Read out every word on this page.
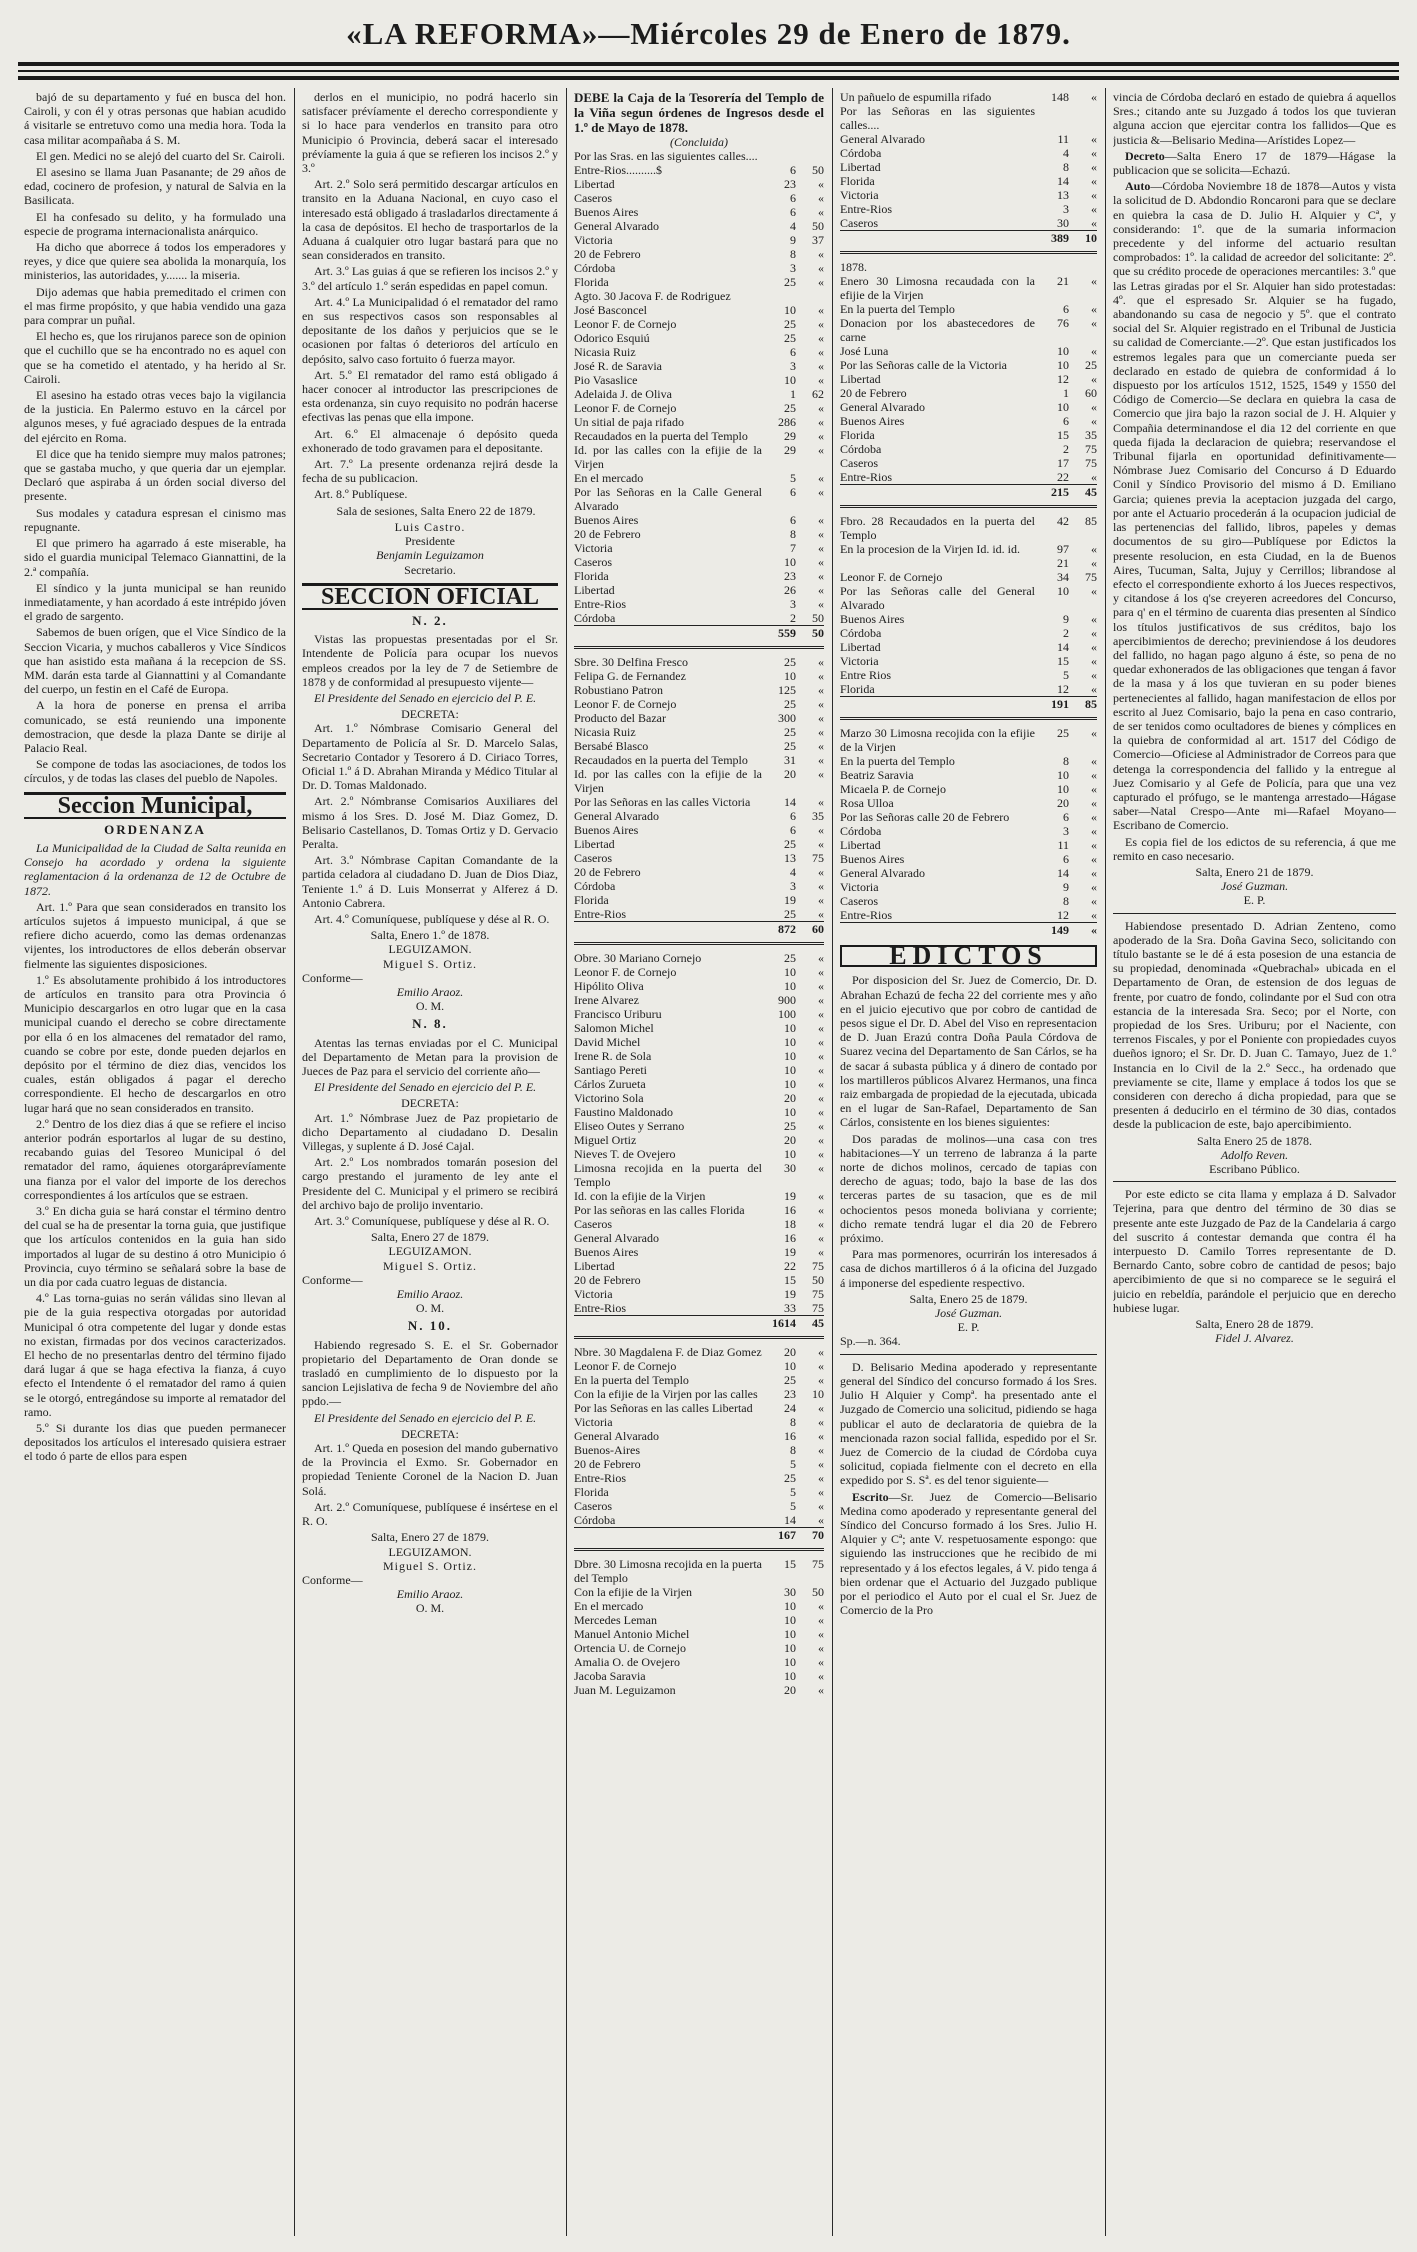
«LA REFORMA»—Miércoles 29 de Enero de 1879.

bajó de su departamento y fué en busca del hon. Cairoli, y con él y otras personas que habian acudido á visitarle se entretuvo como una media hora. Toda la casa militar acompañaba á S. M.

El gen. Medici no se alejó del cuarto del Sr. Cairoli.

El asesino se llama Juan Pasanante; de 29 años de edad, cocinero de profesion, y natural de Salvia en la Basilicata.

El ha confesado su delito, y ha formulado una especie de programa internacionalista anárquico.

Ha dicho que aborrece á todos los emperadores y reyes, y dice que quiere sea abolida la monarquía, los ministerios, las autoridades, y....... la miseria.

Dijo ademas que habia premeditado el crimen con el mas firme propósito, y que habia vendido una gaza para comprar un puñal.

El hecho es, que los rirujanos parece son de opinion que el cuchillo que se ha encontrado no es aquel con que se ha cometido el atentado, y ha herido al Sr. Cairoli.

El asesino ha estado otras veces bajo la vigilancia de la justicia. En Palermo estuvo en la cárcel por algunos meses, y fué agraciado despues de la entrada del ejército en Roma.

El dice que ha tenido siempre muy malos patrones; que se gastaba mucho, y que queria dar un ejemplar. Declaró que aspiraba á un órden social diverso del presente.

Sus modales y catadura espresan el cinismo mas repugnante.

El que primero ha agarrado á este miserable, ha sido el guardia municipal Telemaco Giannattini, de la 2.ª compañía.

El síndico y la junta municipal se han reunido inmediatamente, y han acordado á este intrépido jóven el grado de sargento.

Sabemos de buen orígen, que el Vice Síndico de la Seccion Vicaria, y muchos caballeros y Vice Síndicos que han asistido esta mañana á la recepcion de SS. MM. darán esta tarde al Giannattini y al Comandante del cuerpo, un festin en el Café de Europa.

A la hora de ponerse en prensa el arriba comunicado, se está reuniendo una imponente demostracion, que desde la plaza Dante se dirije al Palacio Real.

Se compone de todas las asociaciones, de todos los círculos, y de todas las clases del pueblo de Napoles.

Seccion Municipal,
ORDENANZA

La Municipalidad de la Ciudad de Salta reunida en Consejo ha acordado y ordena la siguiente reglamentacion á la ordenanza de 12 de Octubre de 1872.

Art. 1.º Para que sean considerados en transito los artículos sujetos á impuesto municipal, á que se refiere dicho acuerdo, como las demas ordenanzas vijentes, los introductores de ellos deberán observar fielmente las siguientes disposiciones.

1.º Es absolutamente prohibido á los introductores de artículos en transito para otra Provincia ó Municipio descargarlos en otro lugar que en la casa municipal cuando el derecho se cobre directamente por ella ó en los almacenes del rematador del ramo, cuando se cobre por este, donde pueden dejarlos en depósito por el término de diez dias, vencidos los cuales, están obligados á pagar el derecho correspondiente. El hecho de descargarlos en otro lugar hará que no sean considerados en transito.

2.º Dentro de los diez dias á que se refiere el inciso anterior podrán esportarlos al lugar de su destino, recabando guias del Tesoreo Municipal ó del rematador del ramo, áquienes otorgaráprevíamente una fianza por el valor del importe de los derechos correspondientes á los artículos que se estraen.

3.º En dicha guia se hará constar el término dentro del cual se ha de presentar la torna guia, que justifique que los artículos contenidos en la guia han sido importados al lugar de su destino á otro Municipio ó Provincia, cuyo término se señalará sobre la base de un dia por cada cuatro leguas de distancia.

4.º Las torna-guias no serán válidas sino llevan al pie de la guia respectiva otorgadas por autoridad Municipal ó otra competente del lugar y donde estas no existan, firmadas por dos vecinos caracterizados. El hecho de no presentarlas dentro del término fijado dará lugar á que se haga efectiva la fianza, á cuyo efecto el Intendente ó el rematador del ramo á quien se le otorgó, entregándose su importe al rematador del ramo.

5.º Si durante los dias que pueden permanecer depositados los artículos el interesado quisiera estraer el todo ó parte de ellos para espen

derlos en el municipio, no podrá hacerlo sin satisfacer prévíamente el derecho correspondiente y si lo hace para venderlos en transito para otro Municipio ó Provincia, deberá sacar el interesado prévíamente la guia á que se refieren los incisos 2.º y 3.º

Art. 2.º Solo será permitido descargar artículos en transito en la Aduana Nacional, en cuyo caso el interesado está obligado á trasladarlos directamente á la casa de depósitos. El hecho de trasportarlos de la Aduana á cualquier otro lugar bastará para que no sean considerados en transito.

Art. 3.º Las guias á que se refieren los incisos 2.º y 3.º del artículo 1.º serán espedidas en papel comun.

Art. 4.º La Municipalidad ó el rematador del ramo en sus respectivos casos son responsables al depositante de los daños y perjuicios que se le ocasionen por faltas ó deterioros del artículo en depósito, salvo caso fortuito ó fuerza mayor.

Art. 5.º El rematador del ramo está obligado á hacer conocer al introductor las prescripciones de esta ordenanza, sin cuyo requisito no podrán hacerse efectivas las penas que ella impone.

Art. 6.º El almacenaje ó depósito queda exhonerado de todo gravamen para el depositante.

Art. 7.º La presente ordenanza rejirá desde la fecha de su publicacion.

Art. 8.º Publíquese.

Sala de sesiones, Salta Enero 22 de 1879.

Luis Castro.
Presidente
Benjamin Leguizamon
Secretario.
SECCION OFICIAL
N. 2.

Vistas las propuestas presentadas por el Sr. Intendente de Policía para ocupar los nuevos empleos creados por la ley de 7 de Setiembre de 1878 y de conformidad al presupuesto vijente—

El Presidente del Senado en ejercicio del P. E.

DECRETA:

Art. 1.º Nómbrase Comisario General del Departamento de Policía al Sr. D. Marcelo Salas, Secretario Contador y Tesorero á D. Ciriaco Torres, Oficial 1.º á D. Abrahan Miranda y Médico Titular al Dr. D. Tomas Maldonado.

Art. 2.º Nómbranse Comisarios Auxiliares del mismo á los Sres. D. José M. Diaz Gomez, D. Belisario Castellanos, D. Tomas Ortiz y D. Gervacio Peralta.

Art. 3.º Nómbrase Capitan Comandante de la partida celadora al ciudadano D. Juan de Dios Diaz, Teniente 1.º á D. Luis Monserrat y Alferez á D. Antonio Cabrera.

Art. 4.º Comuníquese, publíquese y dése al R. O.

Salta, Enero 1.º de 1878.
LEGUIZAMON.
Miguel S. Ortiz.
Conforme—
Emilio Araoz.
O. M.
N. 8.

Atentas las ternas enviadas por el C. Municipal del Departamento de Metan para la provision de Jueces de Paz para el servicio del corriente año—

El Presidente del Senado en ejercicio del P. E.

DECRETA:

Art. 1.º Nómbrase Juez de Paz propietario de dicho Departamento al ciudadano D. Desalin Villegas, y suplente á D. José Cajal.

Art. 2.º Los nombrados tomarán posesion del cargo prestando el juramento de ley ante el Presidente del C. Municipal y el primero se recibirá del archivo bajo de prolijo inventario.

Art. 3.º Comuníquese, publíquese y dése al R. O.

Salta, Enero 27 de 1879.
LEGUIZAMON.
Miguel S. Ortiz.
Conforme—
Emilio Araoz.
O. M.
N. 10.

Habiendo regresado S. E. el Sr. Gobernador propietario del Departamento de Oran donde se trasladó en cumplimiento de lo dispuesto por la sancion Lejislativa de fecha 9 de Noviembre del año ppdo.—

El Presidente del Senado en ejercicio del P. E.

DECRETA:

Art. 1.º Queda en posesion del mando gubernativo de la Provincia el Exmo. Sr. Gobernador en propiedad Teniente Coronel de la Nacion D. Juan Solá.

Art. 2.º Comuníquese, publíquese é insértese en el R. O.

Salta, Enero 27 de 1879.
LEGUIZAMON.
Miguel S. Ortiz.
Conforme—
Emilio Araoz.
O. M.
DEBE la Caja de la Tesorería del Templo de la Viña segun órdenes de Ingresos desde el 1.º de Mayo de 1878.
(Concluida)
Por las Sras. en las siguientes calles....
Entre-Rios..........$	6	50
Libertad	23	«
Caseros	6	«
Buenos Aires	6	«
General Alvarado	4	50
Victoria	9	37
20 de Febrero	8	«
Córdoba	3	«
Florida	25	«
Agto. 30 Jacova F. de Rodriguez		
José Basconcel	10	«
Leonor F. de Cornejo	25	«
Odorico Esquiú	25	«
Nicasia Ruiz	6	«
José R. de Saravia	3	«
Pio Vasaslice	10	«
Adelaida J. de Oliva	1	62
Leonor F. de Cornejo	25	«
Un sitial de paja rifado	286	«
Recaudados en la puerta del Templo	29	«
Id. por las calles con la efijie de la Virjen	29	«
En el mercado	5	«
Por las Señoras en la Calle General Alvarado	6	«
Buenos Aires	6	«
20 de Febrero	8	«
Victoria	7	«
Caseros	10	«
Florida	23	«
Libertad	26	«
Entre-Rios	3	«
Córdoba	2	50
	559	50
Sbre. 30 Delfina Fresco	25	«
Felipa G. de Fernandez	10	«
Robustiano Patron	125	«
Leonor F. de Cornejo	25	«
Producto del Bazar	300	«
Nicasia Ruiz	25	«
Bersabé Blasco	25	«
Recaudados en la puerta del Templo	31	«
Id. por las calles con la efijie de la Virjen	20	«
Por las Señoras en las calles Victoria	14	«
General Alvarado	6	35
Buenos Aires	6	«
Libertad	25	«
Caseros	13	75
20 de Febrero	4	«
Córdoba	3	«
Florida	19	«
Entre-Rios	25	«
	872	60
Obre. 30 Mariano Cornejo	25	«
Leonor F. de Cornejo	10	«
Hipólito Oliva	10	«
Irene Alvarez	900	«
Francisco Uriburu	100	«
Salomon Michel	10	«
David Michel	10	«
Irene R. de Sola	10	«
Santiago Pereti	10	«
Cárlos Zurueta	10	«
Victorino Sola	20	«
Faustino Maldonado	10	«
Eliseo Outes y Serrano	25	«
Miguel Ortiz	20	«
Nieves T. de Ovejero	10	«
Limosna recojida en la puerta del Templo	30	«
Id. con la efijie de la Virjen	19	«
Por las señoras en las calles Florida	16	«
Caseros	18	«
General Alvarado	16	«
Buenos Aires	19	«
Libertad	22	75
20 de Febrero	15	50
Victoria	19	75
Entre-Rios	33	75
	1614	45
Nbre. 30 Magdalena F. de Diaz Gomez	20	«
Leonor F. de Cornejo	10	«
En la puerta del Templo	25	«
Con la efijie de la Virjen por las calles	23	10
Por las Señoras en las calles Libertad	24	«
Victoria	8	«
General Alvarado	16	«
Buenos-Aires	8	«
20 de Febrero	5	«
Entre-Rios	25	«
Florida	5	«
Caseros	5	«
Córdoba	14	«
	167	70
Dbre. 30 Limosna recojida en la puerta del Templo	15	75
Con la efijie de la Virjen	30	50
En el mercado	10	«
Mercedes Leman	10	«
Manuel Antonio Michel	10	«
Ortencia U. de Cornejo	10	«
Amalia O. de Ovejero	10	«
Jacoba Saravia	10	«
Juan M. Leguizamon	20	«
Un pañuelo de espumilla rifado	148	«
Por las Señoras en las siguientes calles....		
General Alvarado	11	«
Córdoba	4	«
Libertad	8	«
Florida	14	«
Victoria	13	«
Entre-Rios	3	«
Caseros	30	«
	389	10
1878.
Enero 30 Limosna recaudada con la efijie de la Virjen	21	«
En la puerta del Templo	6	«
Donacion por los abastecedores de carne	76	«
José Luna	10	«
Por las Señoras calle de la Victoria	10	25
Libertad	12	«
20 de Febrero	1	60
General Alvarado	10	«
Buenos Aires	6	«
Florida	15	35
Córdoba	2	75
Caseros	17	75
Entre-Rios	22	«
	215	45
Fbro. 28 Recaudados en la puerta del Templo	42	85
En la procesion de la Virjen Id. id. id.	97	«
	21	«
Leonor F. de Cornejo	34	75
Por las Señoras calle del General Alvarado	10	«
Buenos Aires	9	«
Córdoba	2	«
Libertad	14	«
Victoria	15	«
Entre Rios	5	«
Florida	12	«
	191	85
Marzo 30 Limosna recojida con la efijie de la Virjen	25	«
En la puerta del Templo	8	«
Beatriz Saravia	10	«
Micaela P. de Cornejo	10	«
Rosa Ulloa	20	«
Por las Señoras calle 20 de Febrero	6	«
Córdoba	3	«
Libertad	11	«
Buenos Aires	6	«
General Alvarado	14	«
Victoria	9	«
Caseros	8	«
Entre-Rios	12	«
	149	«
EDICTOS

Por disposicion del Sr. Juez de Comercio, Dr. D. Abrahan Echazú de fecha 22 del corriente mes y año en el juicio ejecutivo que por cobro de cantidad de pesos sigue el Dr. D. Abel del Viso en representacion de D. Juan Erazú contra Doña Paula Córdova de Suarez vecina del Departamento de San Cárlos, se ha de sacar á subasta pública y á dinero de contado por los martilleros públicos Alvarez Hermanos, una finca raiz embargada de propiedad de la ejecutada, ubicada en el lugar de San-Rafael, Departamento de San Cárlos, consistente en los bienes siguientes:

Dos paradas de molinos—una casa con tres habitaciones—Y un terreno de labranza á la parte norte de dichos molinos, cercado de tapias con derecho de aguas; todo, bajo la base de las dos terceras partes de su tasacion, que es de mil ochocientos pesos moneda boliviana y corriente; dicho remate tendrá lugar el dia 20 de Febrero próximo.

Para mas pormenores, ocurrirán los interesados á casa de dichos martilleros ó á la oficina del Juzgado á imponerse del espediente respectivo.

Salta, Enero 25 de 1879.
José Guzman.
E. P.
Sp.—n. 364.

D. Belisario Medina apoderado y representante general del Síndico del concurso formado á los Sres. Julio H Alquier y Compª. ha presentado ante el Juzgado de Comercio una solicitud, pidiendo se haga publicar el auto de declaratoria de quiebra de la mencionada razon social fallida, espedido por el Sr. Juez de Comercio de la ciudad de Córdoba cuya solicitud, copiada fielmente con el decreto en ella expedido por S. Sª. es del tenor siguiente—

Escrito—Sr. Juez de Comercio—Belisario Medina como apoderado y representante general del Síndico del Concurso formado á los Sres. Julio H. Alquier y Cª; ante V. respetuosamente espongo: que siguiendo las instrucciones que he recibido de mi representado y á los efectos legales, á V. pido tenga á bien ordenar que el Actuario del Juzgado publique por el periodico el Auto por el cual el Sr. Juez de Comercio de la Pro

vincia de Córdoba declaró en estado de quiebra á aquellos Sres.; citando ante su Juzgado á todos los que tuvieran alguna accion que ejercitar contra los fallidos—Que es justicia &—Belisario Medina—Arístides Lopez—

Decreto—Salta Enero 17 de 1879—Hágase la publicacion que se solicita—Echazú.

Auto—Córdoba Noviembre 18 de 1878—Autos y vista la solicitud de D. Abdondio Roncaroni para que se declare en quiebra la casa de D. Julio H. Alquier y Cª, y considerando: 1º. que de la sumaria informacion precedente y del informe del actuario resultan comprobados: 1º. la calidad de acreedor del solicitante: 2º. que su crédito procede de operaciones mercantiles: 3.º que las Letras giradas por el Sr. Alquier han sido protestadas: 4º. que el espresado Sr. Alquier se ha fugado, abandonando su casa de negocio y 5º. que el contrato social del Sr. Alquier registrado en el Tribunal de Justicia su calidad de Comerciante.—2º. Que estan justificados los estremos legales para que un comerciante pueda ser declarado en estado de quiebra de conformidad á lo dispuesto por los artículos 1512, 1525, 1549 y 1550 del Código de Comercio—Se declara en quiebra la casa de Comercio que jira bajo la razon social de J. H. Alquier y Compañia determinandose el dia 12 del corriente en que queda fijada la declaracion de quiebra; reservandose el Tribunal fijarla en oportunidad definitivamente—Nómbrase Juez Comisario del Concurso á D Eduardo Conil y Síndico Provisorio del mismo á D. Emiliano Garcia; quienes previa la aceptacion juzgada del cargo, por ante el Actuario procederán á la ocupacion judicial de las pertenencias del fallido, libros, papeles y demas documentos de su giro—Publíquese por Edictos la presente resolucion, en esta Ciudad, en la de Buenos Aires, Tucuman, Salta, Jujuy y Cerrillos; librandose al efecto el correspondiente exhorto á los Jueces respectivos, y citandose á los q'se creyeren acreedores del Concurso, para q' en el término de cuarenta dias presenten al Síndico los títulos justificativos de sus créditos, bajo los apercibimientos de derecho; previniendose á los deudores del fallido, no hagan pago alguno á éste, so pena de no quedar exhonerados de las obligaciones que tengan á favor de la masa y á los que tuvieran en su poder bienes pertenecientes al fallido, hagan manifestacion de ellos por escrito al Juez Comisario, bajo la pena en caso contrario, de ser tenidos como ocultadores de bienes y cómplices en la quiebra de conformidad al art. 1517 del Código de Comercio—Oficiese al Administrador de Correos para que detenga la correspondencia del fallido y la entregue al Juez Comisario y al Gefe de Policía, para que una vez capturado el prófugo, se le mantenga arrestado—Hágase saber—Natal Crespo—Ante mi—Rafael Moyano—Escribano de Comercio.

Es copia fiel de los edictos de su referencia, á que me remito en caso necesario.

Salta, Enero 21 de 1879.
José Guzman.
E. P.

Habiendose presentado D. Adrian Zenteno, como apoderado de la Sra. Doña Gavina Seco, solicitando con título bastante se le dé á esta posesion de una estancia de su propiedad, denominada «Quebrachal» ubicada en el Departamento de Oran, de estension de dos leguas de frente, por cuatro de fondo, colindante por el Sud con otra estancia de la interesada Sra. Seco; por el Norte, con propiedad de los Sres. Uriburu; por el Naciente, con terrenos Fiscales, y por el Poniente con propiedades cuyos dueños ignoro; el Sr. Dr. D. Juan C. Tamayo, Juez de 1.º Instancia en lo Civil de la 2.º Secc., ha ordenado que previamente se cite, llame y emplace á todos los que se consideren con derecho á dicha propiedad, para que se presenten á deducirlo en el término de 30 dias, contados desde la publicacion de este, bajo apercibimiento.

Salta Enero 25 de 1878.
Adolfo Reven.
Escribano Público.

Por este edicto se cita llama y emplaza á D. Salvador Tejerina, para que dentro del término de 30 dias se presente ante este Juzgado de Paz de la Candelaria á cargo del suscrito á contestar demanda que contra él ha interpuesto D. Camilo Torres representante de D. Bernardo Canto, sobre cobro de cantidad de pesos; bajo apercibimiento de que si no comparece se le seguirá el juicio en rebeldía, parándole el perjuicio que en derecho hubiese lugar.

Salta, Enero 28 de 1879.
Fidel J. Alvarez.
